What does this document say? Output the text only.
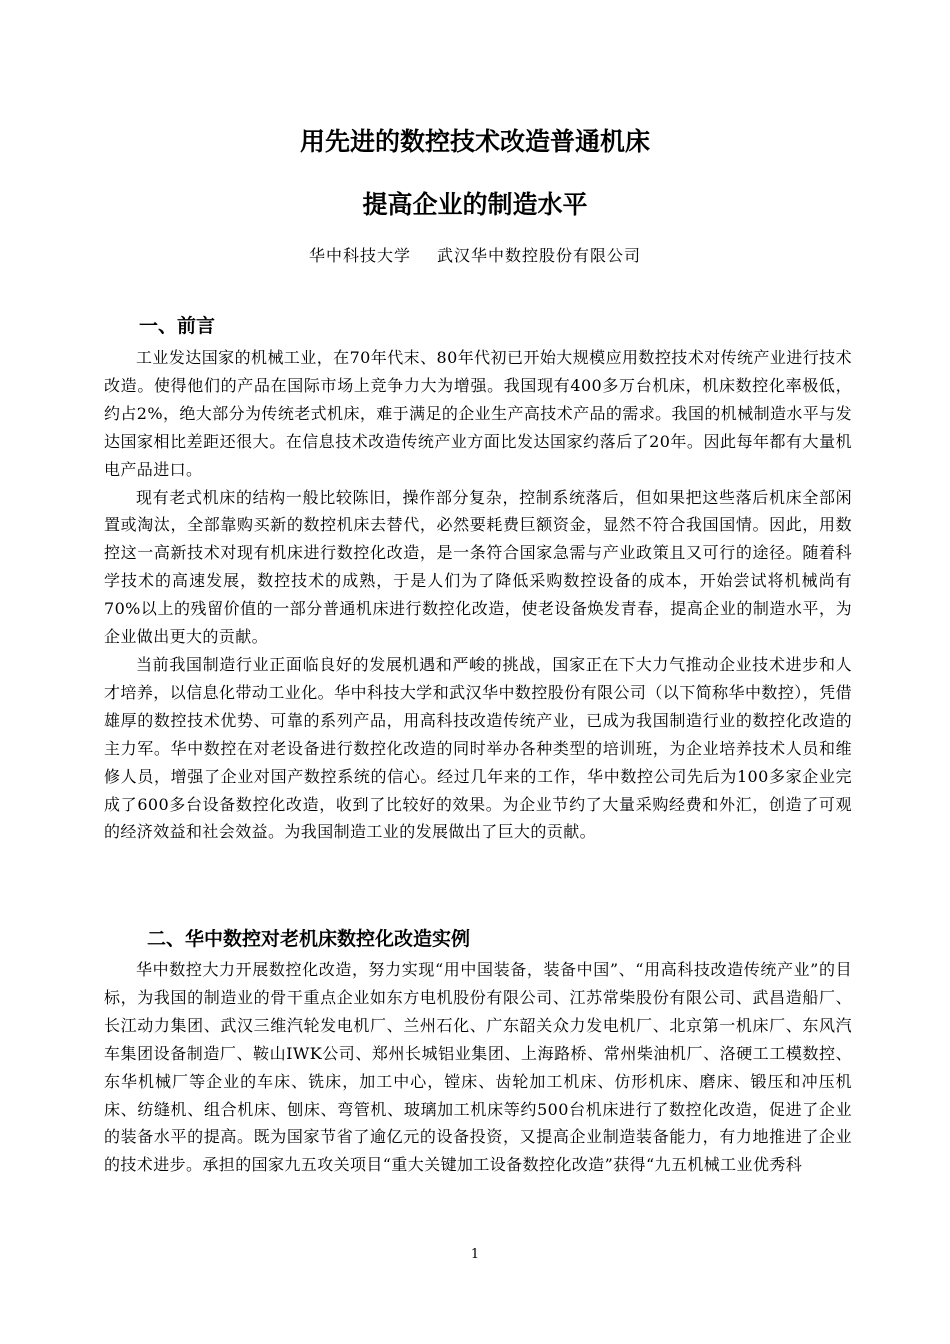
用先进的数控技术改造普通机床
提高企业的制造水平
华中科技大学 武汉华中数控股份有限公司
一、前言

工业发达国家的机械工业，在70年代末、80年代初已开始大规模应用数控技术对传统产业进行技术改造。使得他们的产品在国际市场上竞争力大为增强。我国现有400多万台机床，机床数控化率极低，约占2%，绝大部分为传统老式机床，难于满足的企业生产高技术产品的需求。我国的机械制造水平与发达国家相比差距还很大。在信息技术改造传统产业方面比发达国家约落后了20年。因此每年都有大量机电产品进口。

现有老式机床的结构一般比较陈旧，操作部分复杂，控制系统落后，但如果把这些落后机床全部闲置或淘汰，全部靠购买新的数控机床去替代，必然要耗费巨额资金，显然不符合我国国情。因此，用数控这一高新技术对现有机床进行数控化改造，是一条符合国家急需与产业政策且又可行的途径。随着科学技术的高速发展，数控技术的成熟，于是人们为了降低采购数控设备的成本，开始尝试将机械尚有70%以上的残留价值的一部分普通机床进行数控化改造，使老设备焕发青春，提高企业的制造水平，为企业做出更大的贡献。

当前我国制造行业正面临良好的发展机遇和严峻的挑战，国家正在下大力气推动企业技术进步和人才培养，以信息化带动工业化。华中科技大学和武汉华中数控股份有限公司（以下简称华中数控），凭借雄厚的数控技术优势、可靠的系列产品，用高科技改造传统产业，已成为我国制造行业的数控化改造的主力军。华中数控在对老设备进行数控化改造的同时举办各种类型的培训班，为企业培养技术人员和维修人员，增强了企业对国产数控系统的信心。经过几年来的工作，华中数控公司先后为100多家企业完成了600多台设备数控化改造，收到了比较好的效果。为企业节约了大量采购经费和外汇，创造了可观的经济效益和社会效益。为我国制造工业的发展做出了巨大的贡献。

二、华中数控对老机床数控化改造实例

华中数控大力开展数控化改造，努力实现“用中国装备，装备中国”、“用高科技改造传统产业”的目标，为我国的制造业的骨干重点企业如东方电机股份有限公司、江苏常柴股份有限公司、武昌造船厂、长江动力集团、武汉三维汽轮发电机厂、兰州石化、广东韶关众力发电机厂、北京第一机床厂、东风汽车集团设备制造厂、鞍山IWK公司、郑州长城铝业集团、上海路桥、常州柴油机厂、洛硬工工模数控、东华机械厂等企业的车床、铣床，加工中心，镗床、齿轮加工机床、仿形机床、磨床、锻压和冲压机床、纺缝机、组合机床、刨床、弯管机、玻璃加工机床等约500台机床进行了数控化改造，促进了企业的装备水平的提高。既为国家节省了逾亿元的设备投资，又提高企业制造装备能力，有力地推进了企业的技术进步。承担的国家九五攻关项目“重大关键加工设备数控化改造”获得“九五机械工业优秀科

1
